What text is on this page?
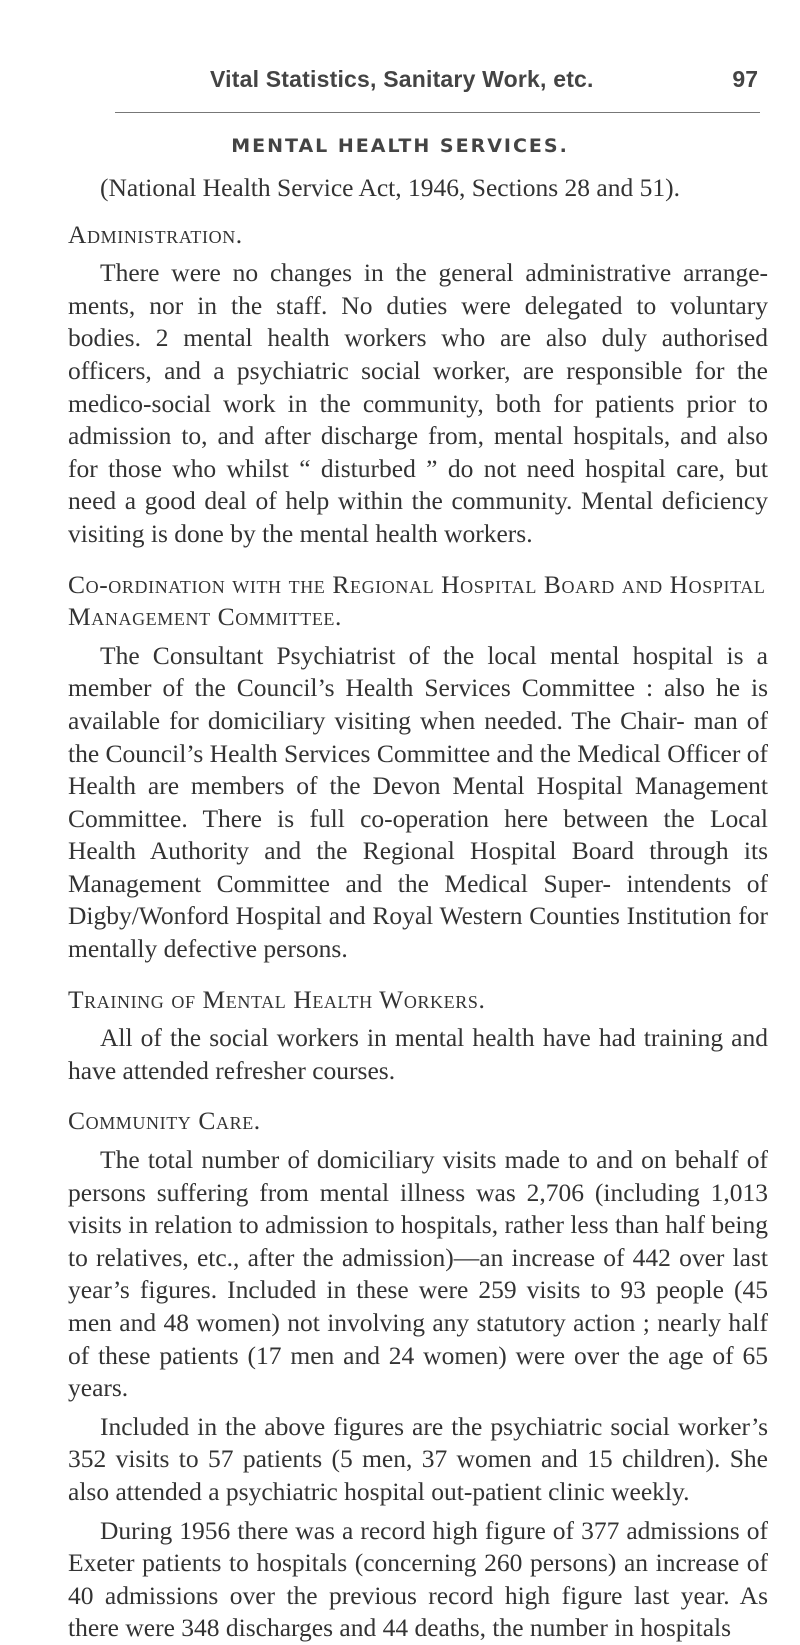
Vital Statistics, Sanitary Work, etc.	97
MENTAL HEALTH SERVICES.

(National Health Service Act, 1946, Sections 28 and 51).

Administration.

There were no changes in the general administrative arrange- ments, nor in the staff. No duties were delegated to voluntary bodies. 2 mental health workers who are also duly authorised officers, and a psychiatric social worker, are responsible for the medico-social work in the community, both for patients prior to admission to, and after discharge from, mental hospitals, and also for those who whilst “ disturbed ” do not need hospital care, but need a good deal of help within the community. Mental deficiency visiting is done by the mental health workers.

Co-ordination with the Regional Hospital Board and Hospital Management Committee.

The Consultant Psychiatrist of the local mental hospital is a member of the Council’s Health Services Committee : also he is available for domiciliary visiting when needed. The Chair- man of the Council’s Health Services Committee and the Medical Officer of Health are members of the Devon Mental Hospital Management Committee. There is full co-operation here between the Local Health Authority and the Regional Hospital Board through its Management Committee and the Medical Super- intendents of Digby/Wonford Hospital and Royal Western Counties Institution for mentally defective persons.

Training of Mental Health Workers.

All of the social workers in mental health have had training and have attended refresher courses.

Community Care.

The total number of domiciliary visits made to and on behalf of persons suffering from mental illness was 2,706 (including 1,013 visits in relation to admission to hospitals, rather less than half being to relatives, etc., after the admission)—an increase of 442 over last year’s figures. Included in these were 259 visits to 93 people (45 men and 48 women) not involving any statutory action ; nearly half of these patients (17 men and 24 women) were over the age of 65 years.

Included in the above figures are the psychiatric social worker’s 352 visits to 57 patients (5 men, 37 women and 15 children). She also attended a psychiatric hospital out-patient clinic weekly.

During 1956 there was a record high figure of 377 admissions of Exeter patients to hospitals (concerning 260 persons) an increase of 40 admissions over the previous record high figure last year. As there were 348 discharges and 44 deaths, the number in hospitals
